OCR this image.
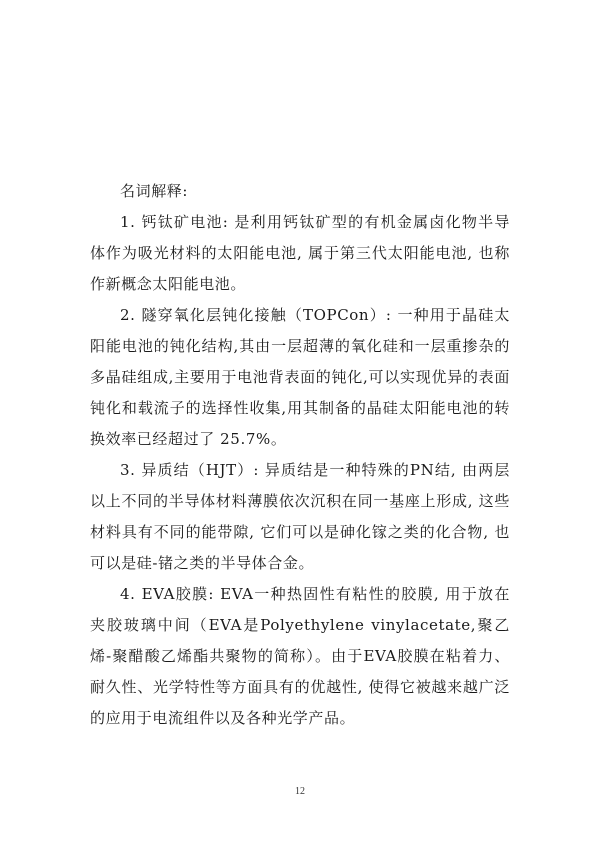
名词解释:

1. 钙钛矿电池: 是利用钙钛矿型的有机金属卤化物半导体作为吸光材料的太阳能电池, 属于第三代太阳能电池, 也称作新概念太阳能电池。

2. 隧穿氧化层钝化接触（TOPCon）: 一种用于晶硅太阳能电池的钝化结构,其由一层超薄的氧化硅和一层重掺杂的多晶硅组成,主要用于电池背表面的钝化,可以实现优异的表面钝化和载流子的选择性收集,用其制备的晶硅太阳能电池的转换效率已经超过了 25.7%。

3. 异质结（HJT）: 异质结是一种特殊的PN结, 由两层以上不同的半导体材料薄膜依次沉积在同一基座上形成, 这些材料具有不同的能带隙, 它们可以是砷化镓之类的化合物, 也可以是硅-锗之类的半导体合金。

4. EVA胶膜: EVA一种热固性有粘性的胶膜, 用于放在夹胶玻璃中间（EVA是Polyethylene vinylacetate,聚乙烯-聚醋酸乙烯酯共聚物的简称）。由于EVA胶膜在粘着力、耐久性、光学特性等方面具有的优越性, 使得它被越来越广泛的应用于电流组件以及各种光学产品。

12
